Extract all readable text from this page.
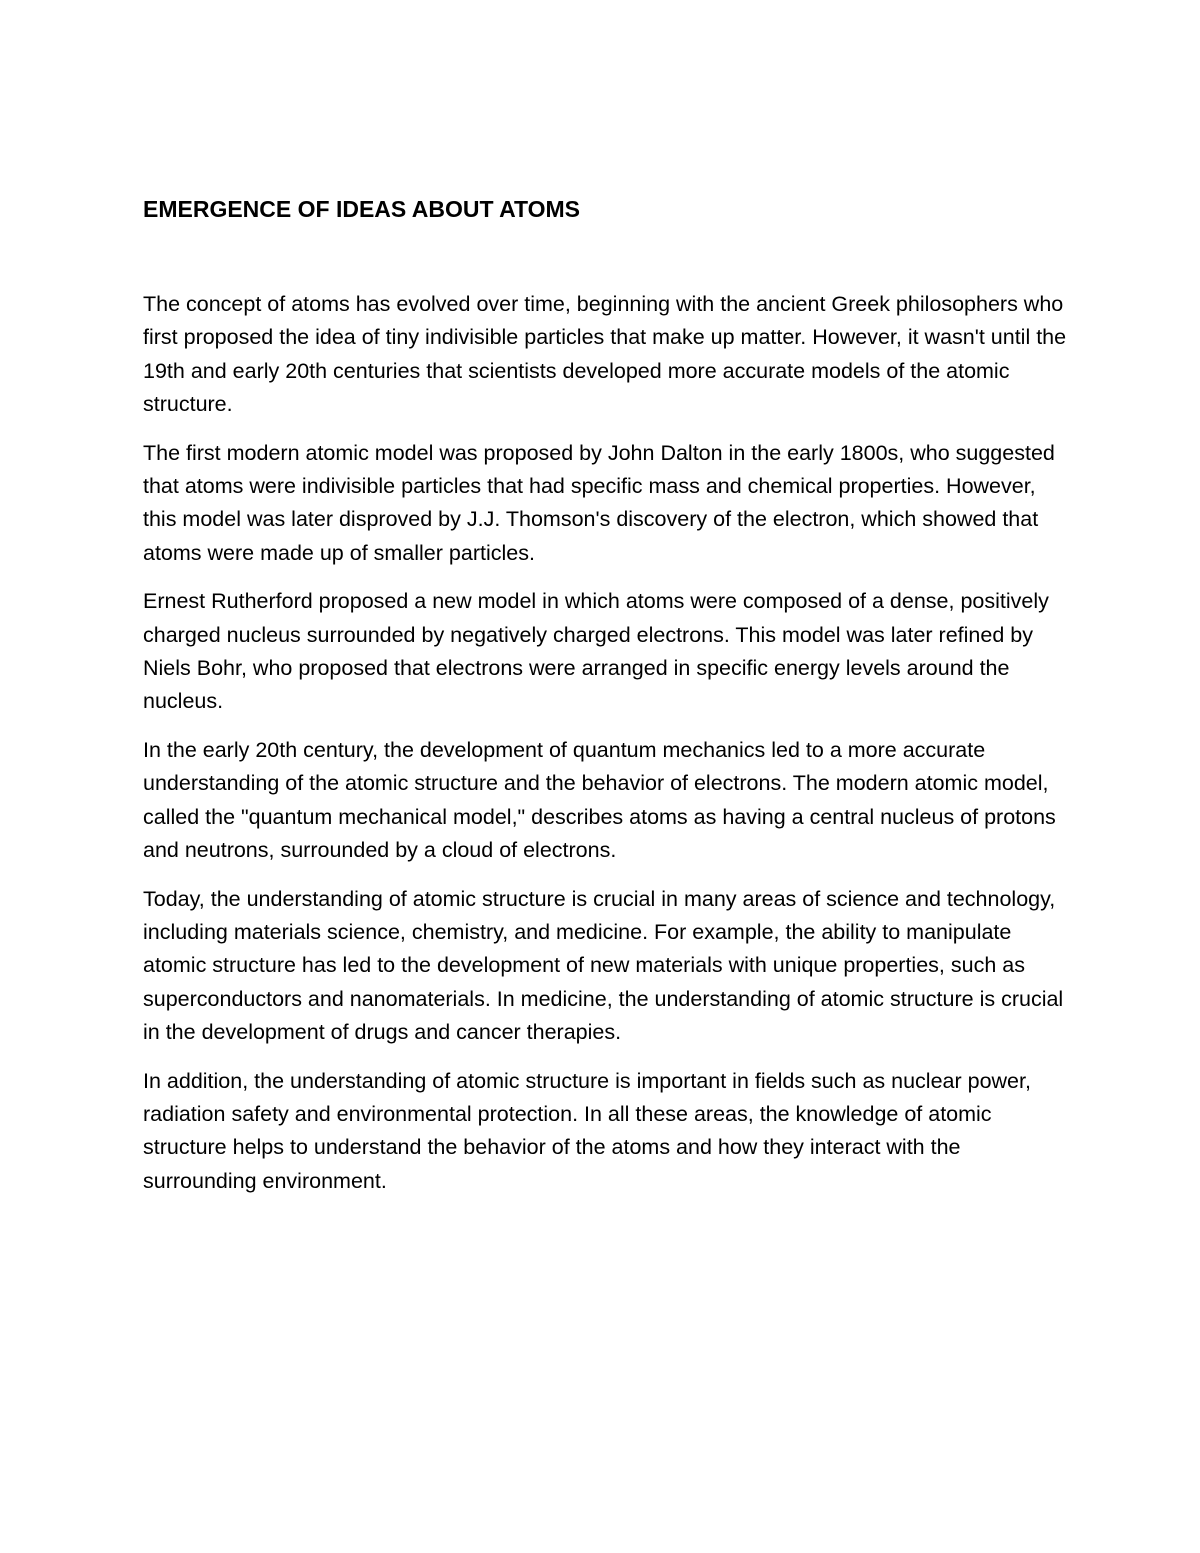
EMERGENCE OF IDEAS ABOUT ATOMS

The concept of atoms has evolved over time, beginning with the ancient Greek philosophers who first proposed the idea of tiny indivisible particles that make up matter. However, it wasn't until the 19th and early 20th centuries that scientists developed more accurate models of the atomic structure.

The first modern atomic model was proposed by John Dalton in the early 1800s, who suggested that atoms were indivisible particles that had specific mass and chemical properties. However, this model was later disproved by J.J. Thomson's discovery of the electron, which showed that atoms were made up of smaller particles.

Ernest Rutherford proposed a new model in which atoms were composed of a dense, positively charged nucleus surrounded by negatively charged electrons. This model was later refined by Niels Bohr, who proposed that electrons were arranged in specific energy levels around the nucleus.

In the early 20th century, the development of quantum mechanics led to a more accurate understanding of the atomic structure and the behavior of electrons. The modern atomic model, called the "quantum mechanical model," describes atoms as having a central nucleus of protons and neutrons, surrounded by a cloud of electrons.

Today, the understanding of atomic structure is crucial in many areas of science and technology, including materials science, chemistry, and medicine. For example, the ability to manipulate atomic structure has led to the development of new materials with unique properties, such as superconductors and nanomaterials. In medicine, the understanding of atomic structure is crucial in the development of drugs and cancer therapies.

In addition, the understanding of atomic structure is important in fields such as nuclear power, radiation safety and environmental protection. In all these areas, the knowledge of atomic structure helps to understand the behavior of the atoms and how they interact with the surrounding environment.
